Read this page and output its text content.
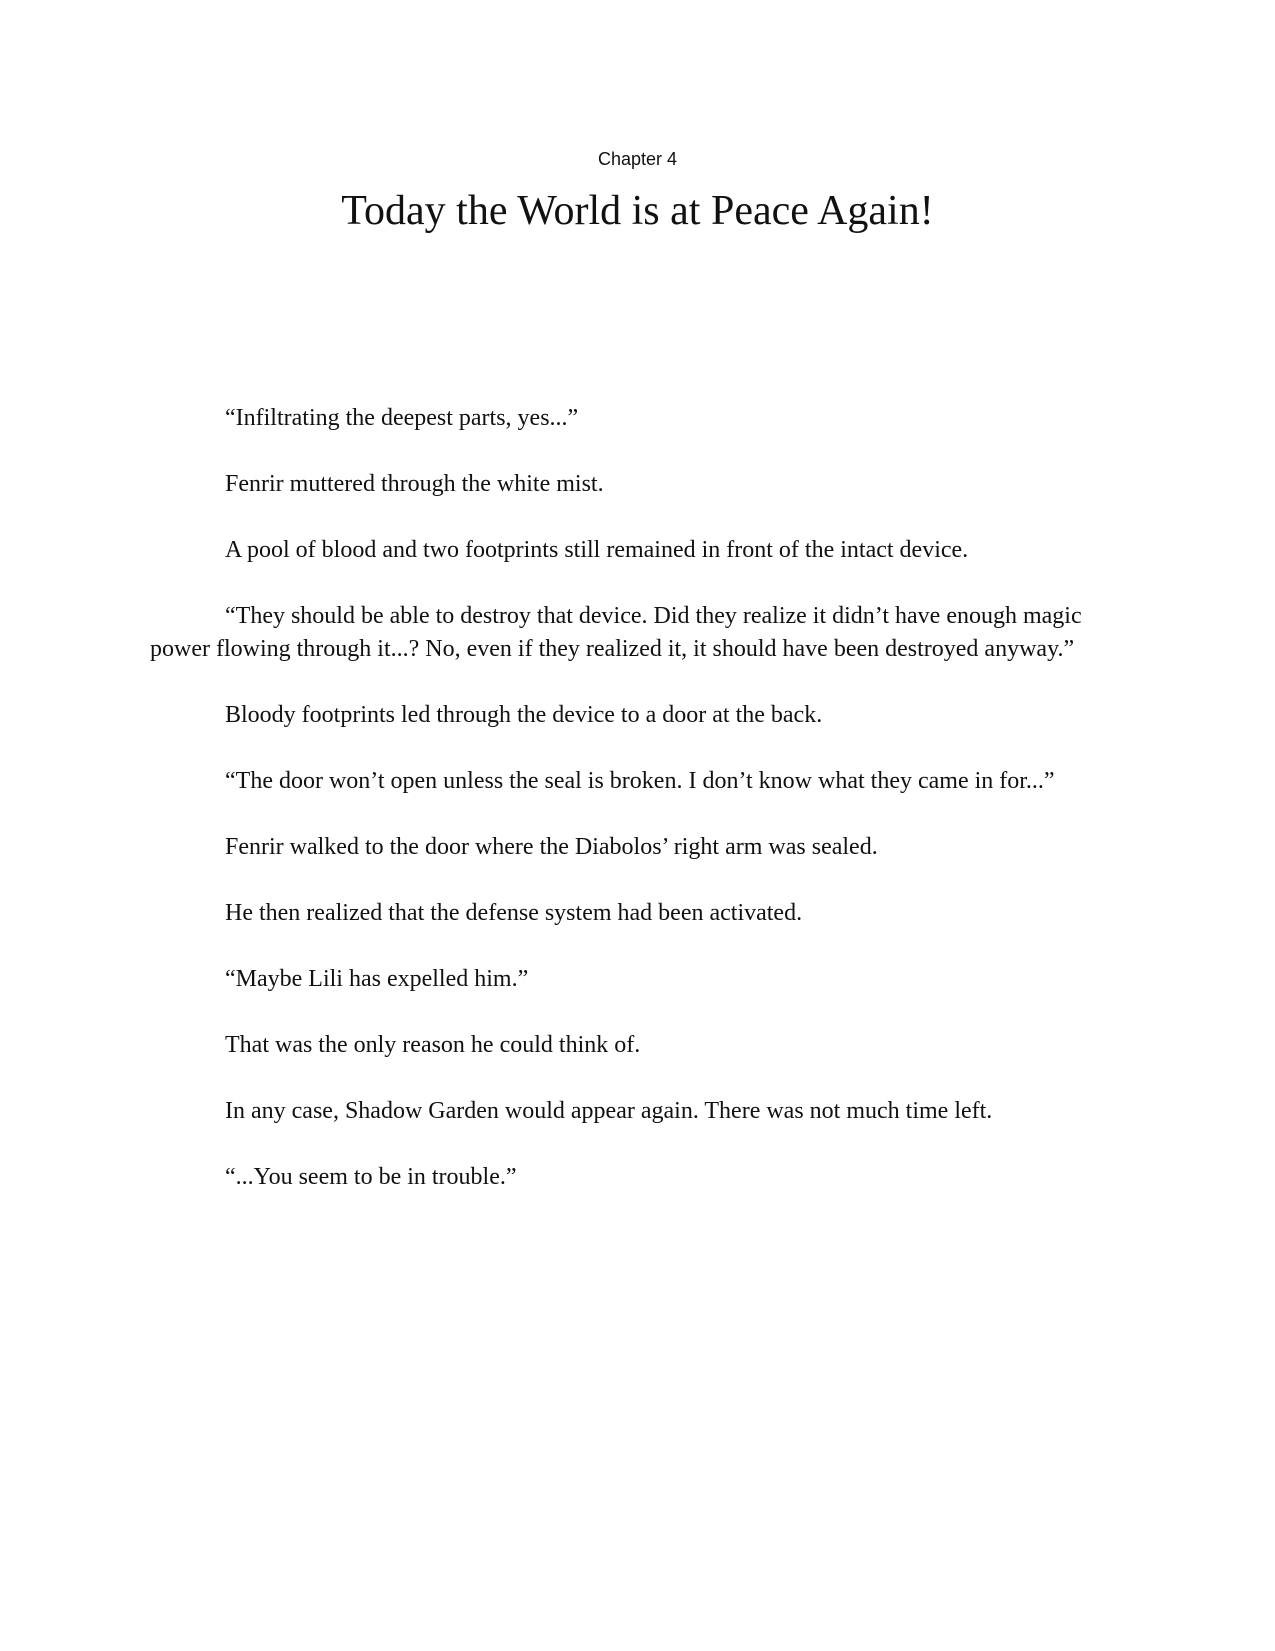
Chapter 4
Today the World is at Peace Again!

“Infiltrating the deepest parts, yes...”

Fenrir muttered through the white mist.

A pool of blood and two footprints still remained in front of the intact device.

“They should be able to destroy that device. Did they realize it didn’t have enough magic power flowing through it...? No, even if they realized it, it should have been destroyed anyway.”

Bloody footprints led through the device to a door at the back.

“The door won’t open unless the seal is broken. I don’t know what they came in for...”

Fenrir walked to the door where the Diabolos’ right arm was sealed.

He then realized that the defense system had been activated.

“Maybe Lili has expelled him.”

That was the only reason he could think of.

In any case, Shadow Garden would appear again. There was not much time left.

“...You seem to be in trouble.”
